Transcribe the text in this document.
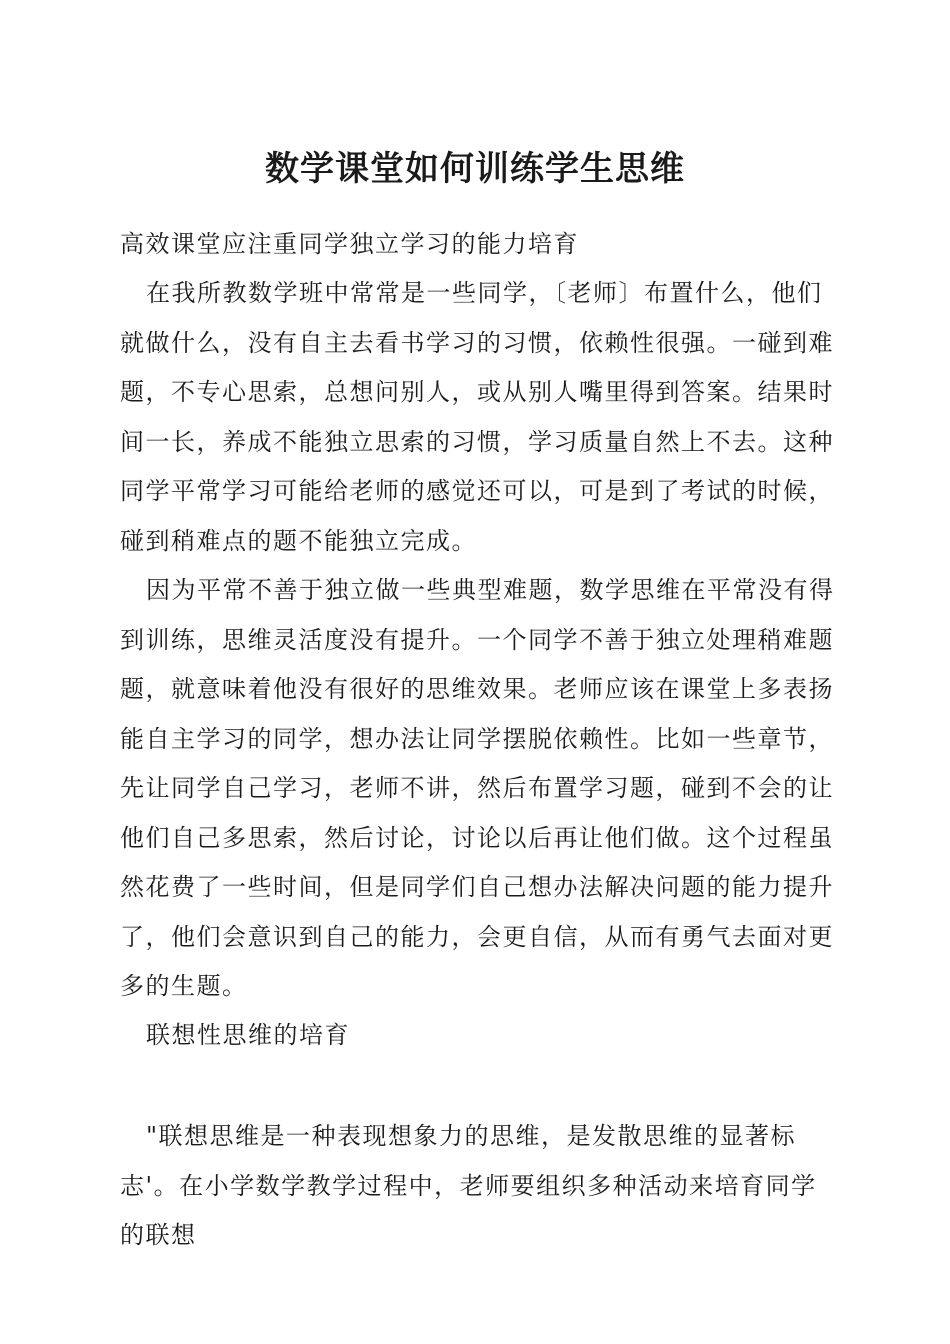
数学课堂如何训练学生思维

高效课堂应注重同学独立学习的能力培育

在我所教数学班中常常是一些同学，〔老师〕布置什么，他们就做什么，没有自主去看书学习的习惯，依赖性很强。一碰到难题，不专心思索，总想问别人，或从别人嘴里得到答案。结果时间一长，养成不能独立思索的习惯，学习质量自然上不去。这种同学平常学习可能给老师的感觉还可以，可是到了考试的时候，碰到稍难点的题不能独立完成。

因为平常不善于独立做一些典型难题，数学思维在平常没有得到训练，思维灵活度没有提升。一个同学不善于独立处理稍难题题，就意味着他没有很好的思维效果。老师应该在课堂上多表扬能自主学习的同学，想办法让同学摆脱依赖性。比如一些章节，先让同学自己学习，老师不讲，然后布置学习题，碰到不会的让他们自己多思索，然后讨论，讨论以后再让他们做。这个过程虽然花费了一些时间，但是同学们自己想办法解决问题的能力提升了，他们会意识到自己的能力，会更自信，从而有勇气去面对更多的生题。

联想性思维的培育

"联想思维是一种表现想象力的思维，是发散思维的显著标志'。在小学数学教学过程中，老师要组织多种活动来培育同学的联想
